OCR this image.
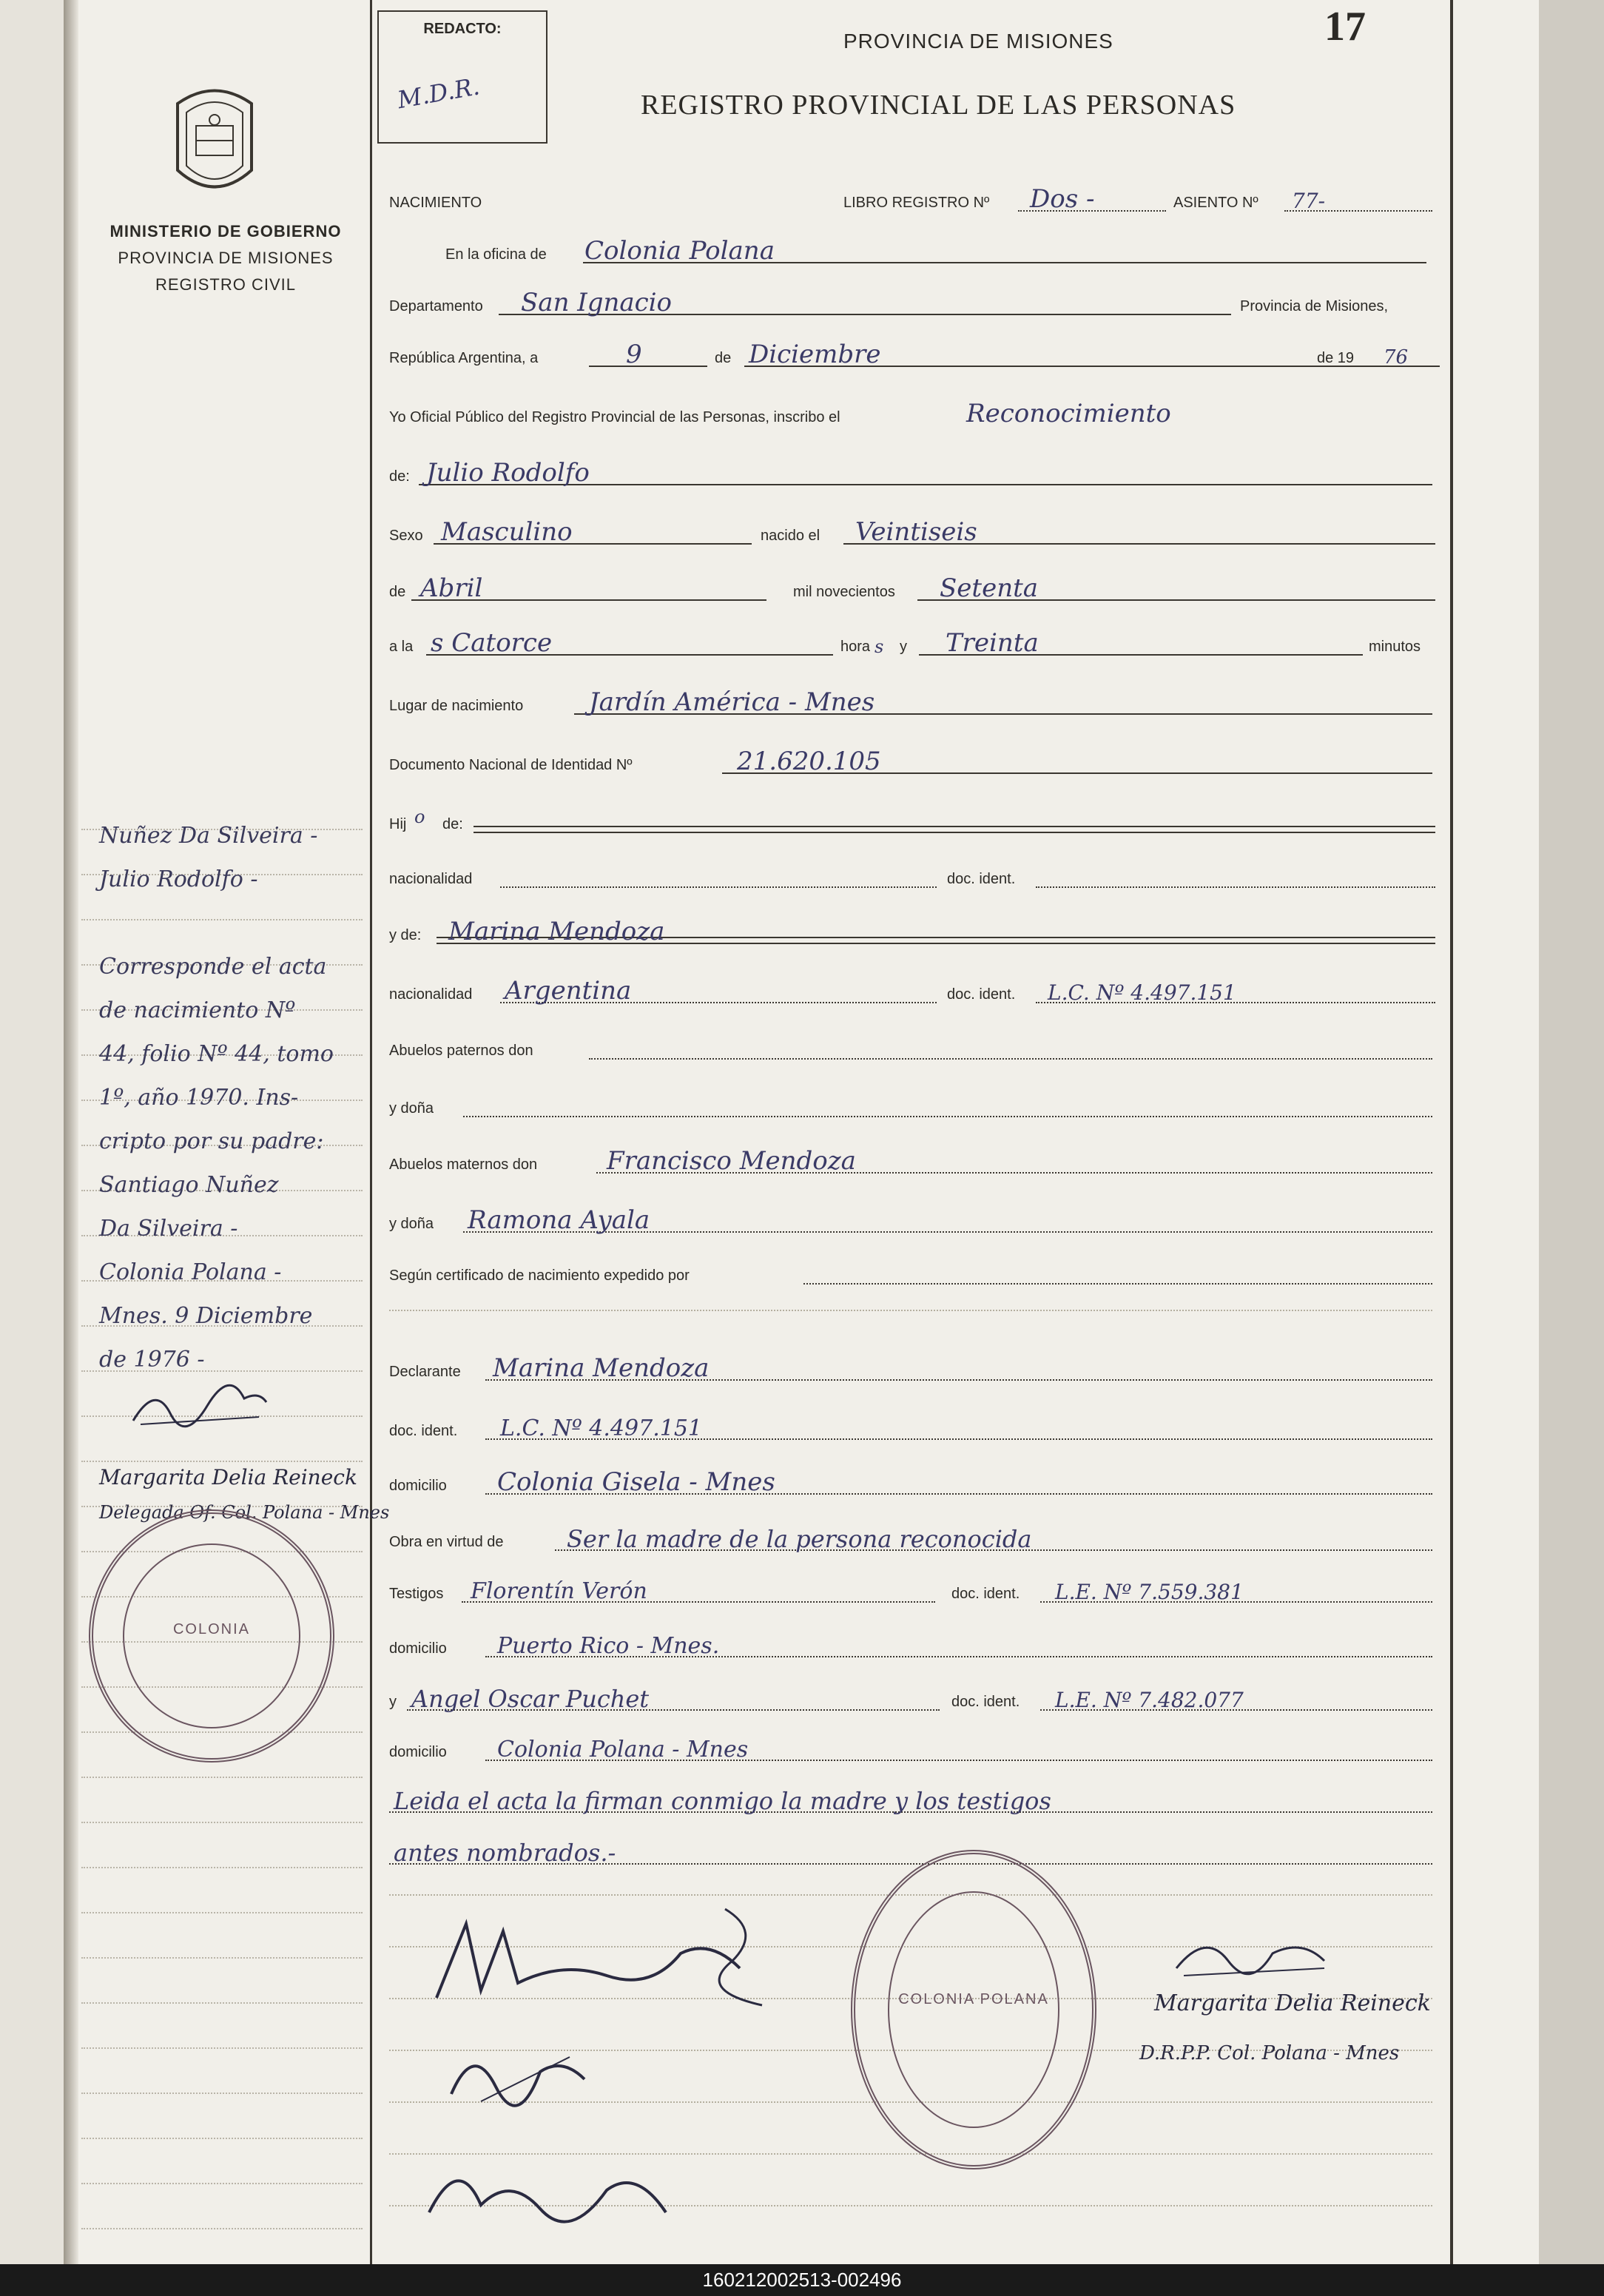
MINISTERIO DE GOBIERNO
PROVINCIA DE MISIONES
REGISTRO CIVIL
Nuñez Da Silveira -
Julio Rodolfo -

Corresponde el acta
de nacimiento Nº
44, folio Nº 44, tomo
1º, año 1970. Ins-
cripto por su padre:
Santiago Nuñez
Da Silveira -
Colonia Polana -
Mnes. 9 Diciembre
de 1976 -
Margarita Delia Reineck
Delegada Of. Col. Polana - Mnes
COLONIA
REDACTO:
M.D.R.
17
PROVINCIA DE MISIONES
REGISTRO PROVINCIAL DE LAS PERSONAS
NACIMIENTO	LIBRO REGISTRO Nº Dos -	ASIENTO Nº 77-
En la oficina de Colonia Polana
Departamento San Ignacio	Provincia de Misiones,
República Argentina, a	9	de Diciembre	de 19 76
Yo Oficial Público del Registro Provincial de las Personas, inscribo el	Reconocimiento
de: Julio Rodolfo
Sexo Masculino	nacido el Veintiseis
de Abril	mil novecientos Setenta
a la s Catorce	hora s y Treinta	minutos
Lugar de nacimiento	Jardín América - Mnes
Documento Nacional de Identidad Nº	21.620.105
Hij o de:
nacionalidad	doc. ident.
y de: Marina Mendoza
nacionalidad Argentina	doc. ident. L.C. Nº 4.497.151
Abuelos paternos don
y doña
Abuelos maternos don	Francisco Mendoza
y doña Ramona Ayala
Según certificado de nacimiento expedido por
Declarante Marina Mendoza
doc. ident. L.C. Nº 4.497.151
domicilio Colonia Gisela - Mnes
Obra en virtud de	Ser la madre de la persona reconocida
Testigos Florentín Verón	doc. ident. L.E. Nº 7.559.381
domicilio Puerto Rico - Mnes.
y Angel Oscar Puchet	doc. ident. L.E. Nº 7.482.077
domicilio Colonia Polana - Mnes
Leida el acta la firman conmigo la madre y los testigos
antes nombrados.-
COLONIA POLANA	Margarita Delia Reineck
D.R.P.P. Col. Polana - Mnes
160212002513-002496
